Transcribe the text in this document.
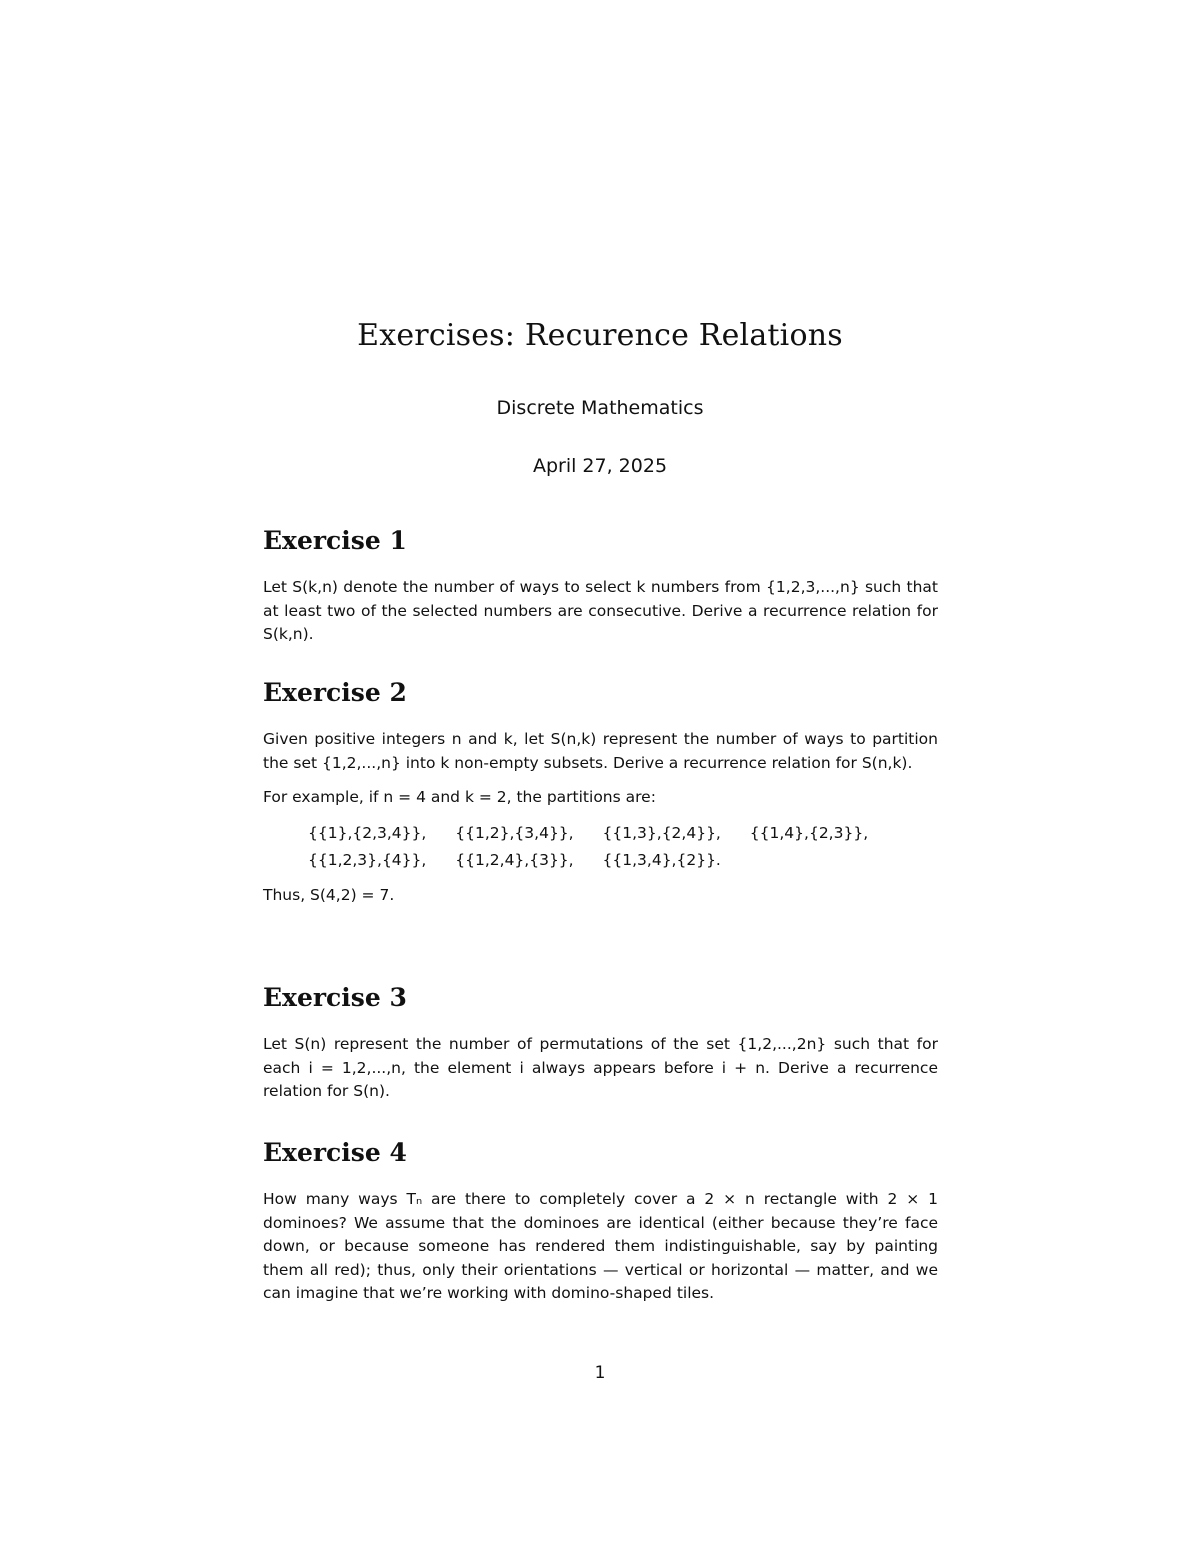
Exercises: Recurence Relations
Discrete Mathematics
April 27, 2025
Exercise 1

Let S(k,n) denote the number of ways to select k numbers from {1,2,3,...,n} such that at least two of the selected numbers are consecutive. Derive a recurrence relation for S(k,n).

Exercise 2

Given positive integers n and k, let S(n,k) represent the number of ways to partition the set {1,2,...,n} into k non-empty subsets. Derive a recurrence relation for S(n,k).

For example, if n = 4 and k = 2, the partitions are:

{{1},{2,3,4}}, {{1,2},{3,4}}, {{1,3},{2,4}}, {{1,4},{2,3}},
{{1,2,3},{4}}, {{1,2,4},{3}}, {{1,3,4},{2}}.

Thus, S(4,2) = 7.

Exercise 3

Let S(n) represent the number of permutations of the set {1,2,...,2n} such that for each i = 1,2,...,n, the element i always appears before i + n. Derive a recurrence relation for S(n).

Exercise 4

How many ways Tₙ are there to completely cover a 2 × n rectangle with 2 × 1 dominoes? We assume that the dominoes are identical (either because they’re face down, or because someone has rendered them indistinguishable, say by painting them all red); thus, only their orientations — vertical or horizontal — matter, and we can imagine that we’re working with domino-shaped tiles.

1
